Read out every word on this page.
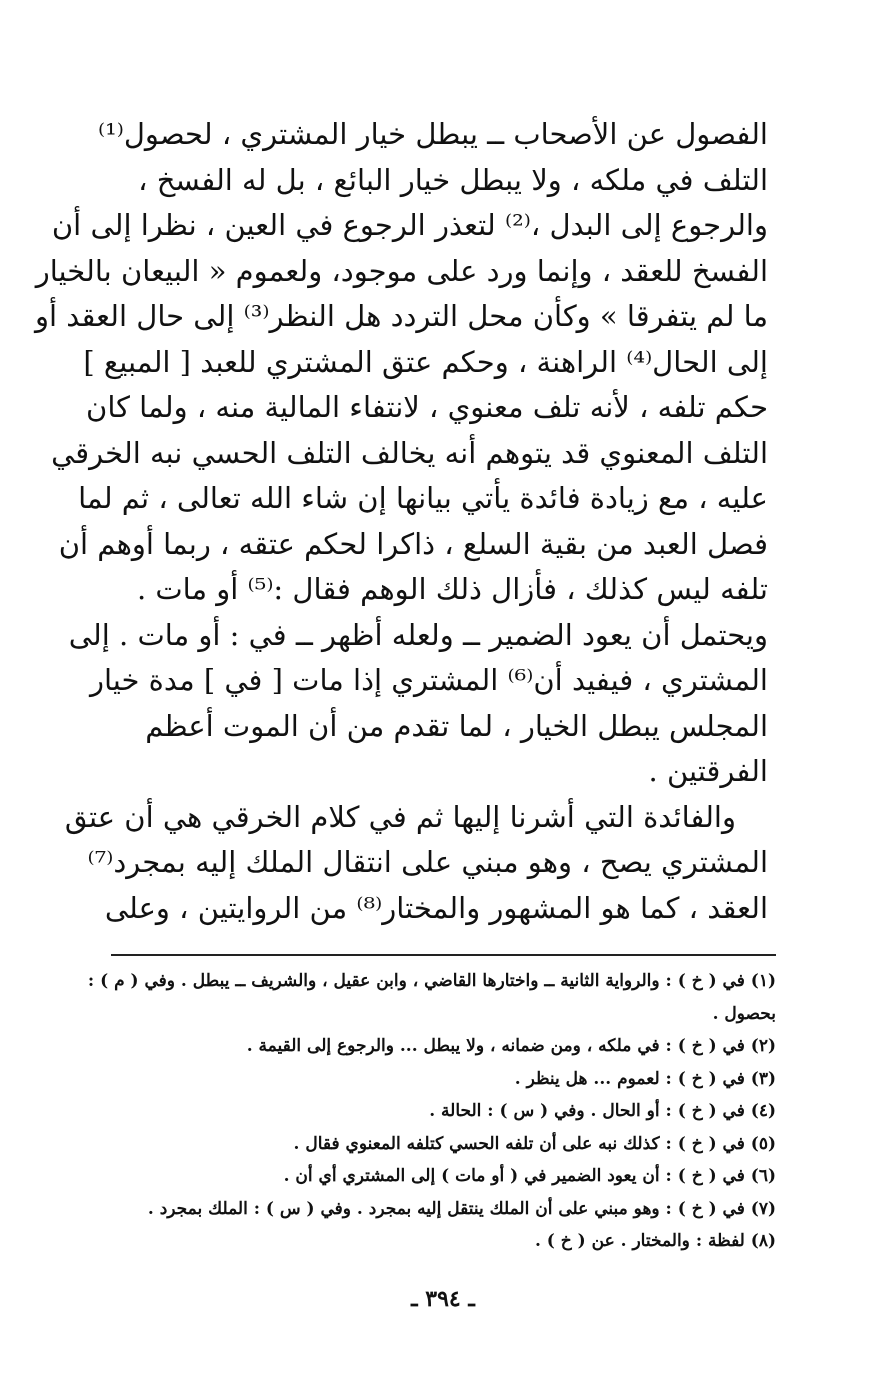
الفصول عن الأصحاب ــ يبطل خيار المشتري ، لحصول⁽¹⁾
التلف في ملكه ، ولا يبطل خيار البائع ، بل له الفسخ ،
والرجوع إلى البدل ،⁽²⁾ لتعذر الرجوع في العين ، نظرا إلى أن
الفسخ للعقد ، وإنما ورد على موجود، ولعموم « البيعان بالخيار
ما لم يتفرقا » وكأن محل التردد هل النظر⁽³⁾ إلى حال العقد أو
إلى الحال⁽⁴⁾ الراهنة ، وحكم عتق المشتري للعبد [ المبيع ]
حكم تلفه ، لأنه تلف معنوي ، لانتفاء المالية منه ، ولما كان
التلف المعنوي قد يتوهم أنه يخالف التلف الحسي نبه الخرقي
عليه ، مع زيادة فائدة يأتي بيانها إن شاء الله تعالى ، ثم لما
فصل العبد من بقية السلع ، ذاكرا لحكم عتقه ، ربما أوهم أن
تلفه ليس كذلك ، فأزال ذلك الوهم فقال :⁽⁵⁾ أو مات .
ويحتمل أن يعود الضمير ــ ولعله أظهر ــ في : أو مات . إلى
المشتري ، فيفيد أن⁽⁶⁾ المشتري إذا مات [ في ] مدة خيار
المجلس يبطل الخيار ، لما تقدم من أن الموت أعظم
الفرقتين .
والفائدة التي أشرنا إليها ثم في كلام الخرقي هي أن عتق
المشتري يصح ، وهو مبني على انتقال الملك إليه بمجرد⁽⁷⁾
العقد ، كما هو المشهور والمختار⁽⁸⁾ من الروايتين ، وعلى
(١) في ( خ ) : والرواية الثانية ــ واختارها القاضي ، وابن عقيل ، والشريف ــ يبطل . وفي ( م ) :
بحصول .
(٢) في ( خ ) : في ملكه ، ومن ضمانه ، ولا يبطل ... والرجوع إلى القيمة .
(٣) في ( خ ) : لعموم ... هل ينظر .
(٤) في ( خ ) : أو الحال . وفي ( س ) : الحالة .
(٥) في ( خ ) : كذلك نبه على أن تلفه الحسي كتلفه المعنوي فقال .
(٦) في ( خ ) : أن يعود الضمير في ( أو مات ) إلى المشتري أي أن .
(٧) في ( خ ) : وهو مبني على أن الملك ينتقل إليه بمجرد . وفي ( س ) : الملك بمجرد .
(٨) لفظة : والمختار . عن ( خ ) .
ـ ٣٩٤ ـ
